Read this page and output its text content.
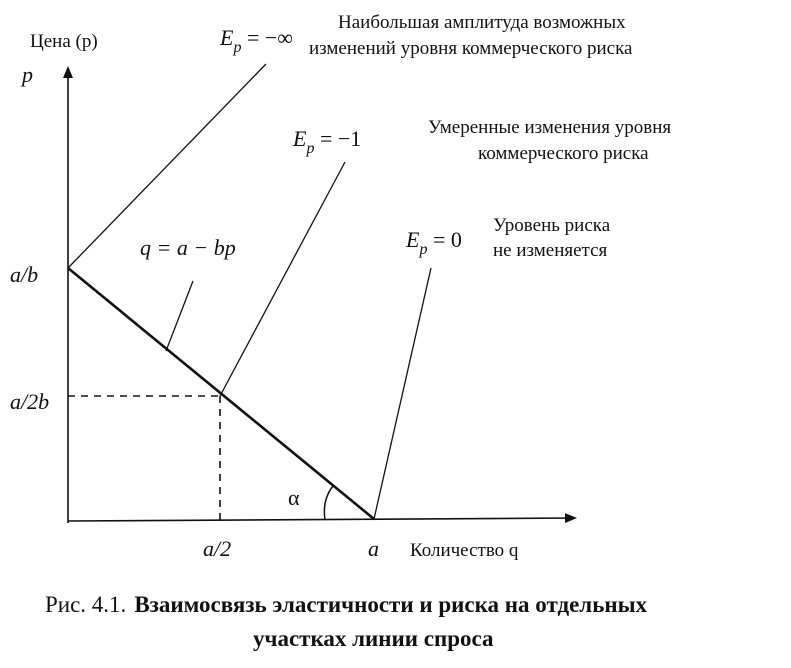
α
Цена (p)
p
Количество q
a/b
a/2b
a/2	a
q = a − bp
$E_p$ = −∞
Наибольшая амплитуда возможных
изменений уровня коммерческого риска
$E_p = -1$	Умеренные изменения уровня
коммерческого риска
$E_p = 0$
Уровень риска
не изменяется
Рис. 4.1. Взаимосвязь эластичности и риска на отдельных
участках линии спроса
